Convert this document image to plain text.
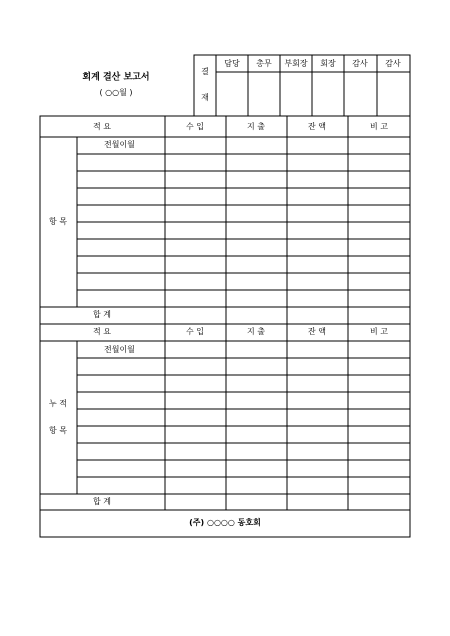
회계 결산 보고서
( ○○월 )
결
재
담당 총무 부회장 회장 감사 감사
적 요	수 입	지 출	잔 액	비 고
항 목
전월이월
합 계
적 요	수 입	지 출	잔 액	비 고
누 적
항 목
전월이월
합 계
(주) ○○○○ 동호회
